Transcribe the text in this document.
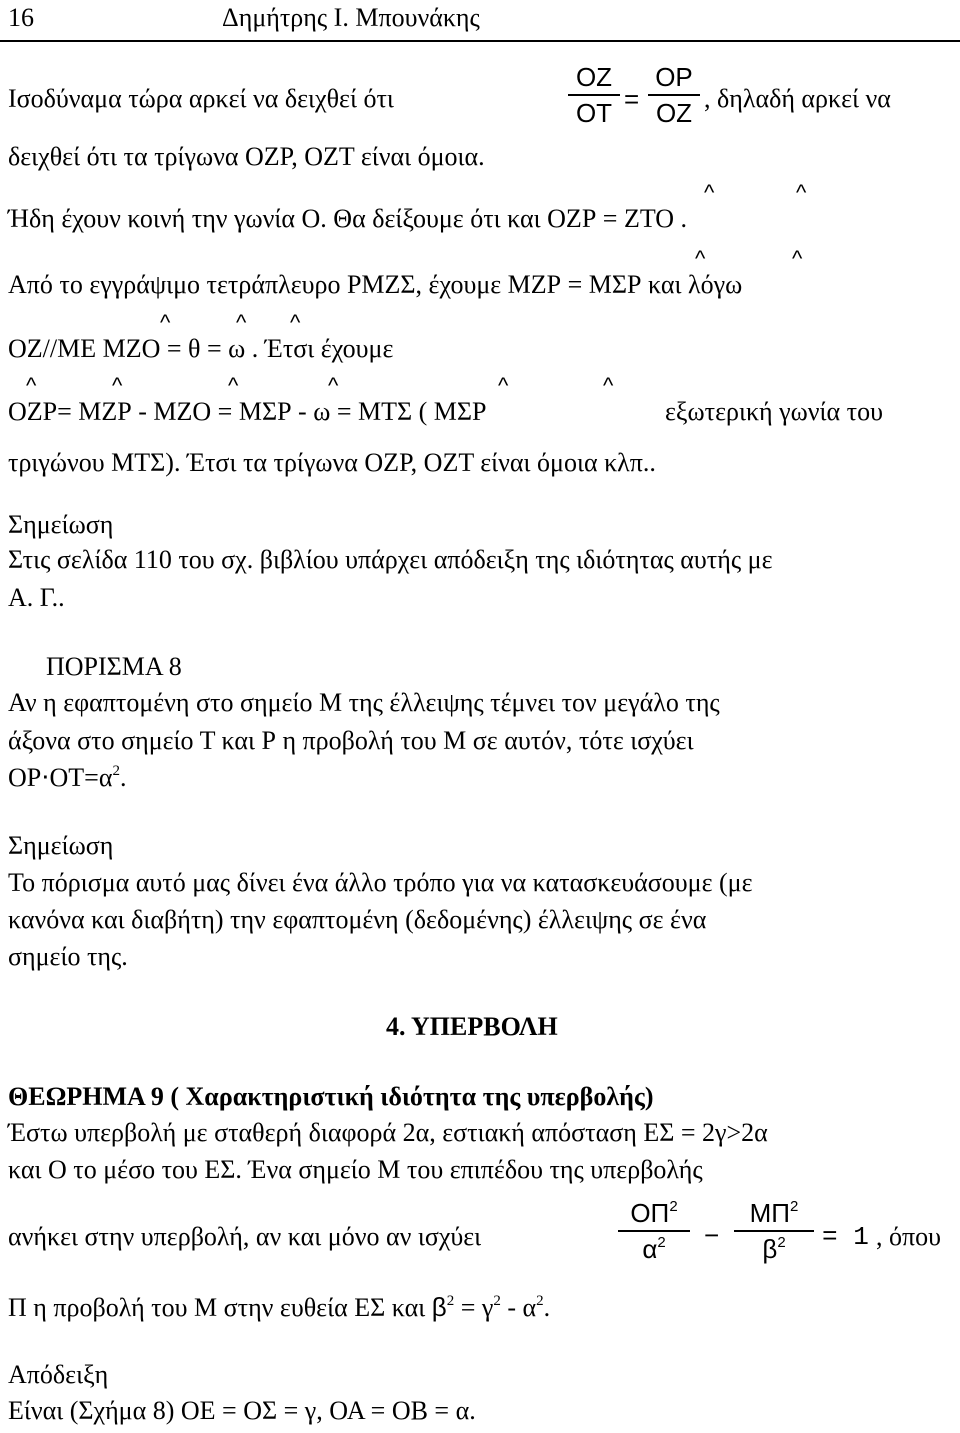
16	Δημήτρης Ι. Μπουνάκης
Ισοδύναμα τώρα αρκεί να δειχθεί ότι
ΟΖ
ΟΤ =
ΟΡ
ΟΖ , δηλαδή αρκεί να
δειχθεί ότι τα τρίγωνα ΟΖΡ, ΟΖΤ είναι όμοια.
^	^
Ήδη έχουν κοινή την γωνία Ο. Θα δείξουμε ότι και ΟΖΡ = ΖΤΟ .
^	^
Από το εγγράψιμο τετράπλευρο ΡΜΖΣ, έχουμε ΜΖΡ = ΜΣΡ και λόγω
^	^ ^
ΟΖ//ΜΕ ΜΖΟ = θ = ω . Έτσι έχουμε
^	^	^	^	^	^
ΟΖΡ= ΜΖΡ - ΜΖΟ = ΜΣΡ - ω = ΜΤΣ ( ΜΣΡ	εξωτερική γωνία του
τριγώνου ΜΤΣ). Έτσι τα τρίγωνα ΟΖΡ, ΟΖΤ είναι όμοια κλπ..
Σημείωση
Στις σελίδα 110 του σχ. βιβλίου υπάρχει απόδειξη της ιδιότητας αυτής με
Α. Γ..
ΠΟΡΙΣΜΑ 8
Αν η εφαπτομένη στο σημείο Μ της έλλειψης τέμνει τον μεγάλο της
άξονα στο σημείο Τ και Ρ η προβολή του Μ σε αυτόν, τότε ισχύει
$OP\cdot OT=\alpha^2$.
Σημείωση
Το πόρισμα αυτό μας δίνει ένα άλλο τρόπο για να κατασκευάσουμε (με
κανόνα και διαβήτη) την εφαπτομένη (δεδομένης) έλλειψης σε ένα
σημείο της.
4. ΥΠΕΡΒΟΛΗ
ΘΕΩΡΗΜΑ 9 ( Χαρακτηριστική ιδιότητα της υπερβολής)
Έστω υπερβολή με σταθερή διαφορά 2α, εστιακή απόσταση ΕΣ = 2γ>2α
και Ο το μέσο του ΕΣ. Ένα σημείο Μ του επιπέδου της υπερβολής
ανήκει στην υπερβολή, αν και μόνο αν ισχύει
$O\Pi^2$
$\alpha^2$	−
$M\Pi^2$
$\beta^2$	= 1 , όπου
Π η προβολή του Μ στην ευθεία ΕΣ και $\beta^2 = \gamma^2 - \alpha^2$.
Απόδειξη
Είναι (Σχήμα 8) ΟΕ = ΟΣ = γ, ΟΑ = ΟΒ = α.
